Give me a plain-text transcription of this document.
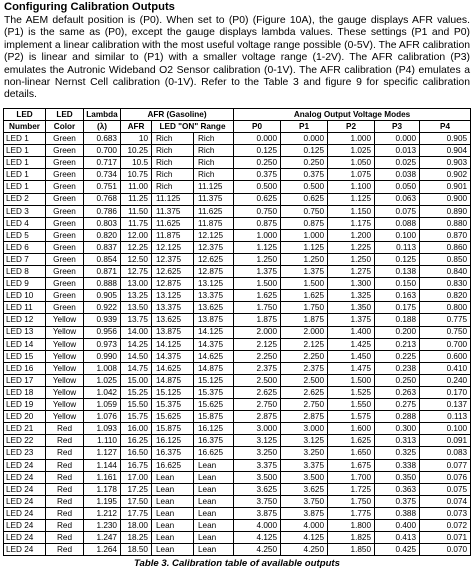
Configuring Calibration Outputs
The AEM default position is (P0). When set to (P0) (Figure 10A), the gauge displays AFR values. (P1) is the same as (P0), except the gauge displays lambda values. These settings (P1 and P0) implement a linear calibration with the most useful voltage range possible (0-5V). The AFR calibration (P2) is linear and similar to (P1) with a smaller voltage range (1-2V). The AFR calibration (P3) emulates the Autronic Wideband O2 Sensor calibration (0-1V). The AFR calibration (P4) emulates a non-linear Nernst Cell calibration (0-1V). Refer to the Table 3 and figure 9 for specific calibration details.
LED	LED	Lambda	AFR (Gasoline)			Analog Output Voltage Modes				
Number	Color	(λ)	AFR	LED "ON" Range		P0	P1	P2	P3	P4
LED 1	Green	0.683	10	Rich	Rich	0.000	0.000	1.000	0.000	0.905
LED 1	Green	0.700	10.25	Rich	Rich	0.125	0.125	1.025	0.013	0.904
LED 1	Green	0.717	10.5	Rich	Rich	0.250	0.250	1.050	0.025	0.903
LED 1	Green	0.734	10.75	Rich	Rich	0.375	0.375	1.075	0.038	0.902
LED 1	Green	0.751	11.00	Rich	11.125	0.500	0.500	1.100	0.050	0.901
LED 2	Green	0.768	11.25	11.125	11.375	0.625	0.625	1.125	0.063	0.900
LED 3	Green	0.786	11.50	11.375	11.625	0.750	0.750	1.150	0.075	0.890
LED 4	Green	0.803	11.75	11.625	11.875	0.875	0.875	1.175	0.088	0.880
LED 5	Green	0.820	12.00	11.875	12.125	1.000	1.000	1.200	0.100	0.870
LED 6	Green	0.837	12.25	12.125	12.375	1.125	1.125	1.225	0.113	0.860
LED 7	Green	0.854	12.50	12.375	12.625	1.250	1.250	1.250	0.125	0.850
LED 8	Green	0.871	12.75	12.625	12.875	1.375	1.375	1.275	0.138	0.840
LED 9	Green	0.888	13.00	12.875	13.125	1.500	1.500	1.300	0.150	0.830
LED 10	Green	0.905	13.25	13.125	13.375	1.625	1.625	1.325	0.163	0.820
LED 11	Green	0.922	13.50	13.375	13.625	1.750	1.750	1.350	0.175	0.800
LED 12	Yellow	0.939	13.75	13.625	13.875	1.875	1.875	1.375	0.188	0.775
LED 13	Yellow	0.956	14.00	13.875	14.125	2.000	2.000	1.400	0.200	0.750
LED 14	Yellow	0.973	14.25	14.125	14.375	2.125	2.125	1.425	0.213	0.700
LED 15	Yellow	0.990	14.50	14.375	14.625	2.250	2.250	1.450	0.225	0.600
LED 16	Yellow	1.008	14.75	14.625	14.875	2.375	2.375	1.475	0.238	0.410
LED 17	Yellow	1.025	15.00	14.875	15.125	2.500	2.500	1.500	0.250	0.240
LED 18	Yellow	1.042	15.25	15.125	15.375	2.625	2.625	1.525	0.263	0.170
LED 19	Yellow	1.059	15.50	15.375	15.625	2.750	2.750	1.550	0.275	0.137
LED 20	Yellow	1.076	15.75	15.625	15.875	2.875	2.875	1.575	0.288	0.113
LED 21	Red	1.093	16.00	15.875	16.125	3.000	3.000	1.600	0.300	0.100
LED 22	Red	1.110	16.25	16.125	16.375	3.125	3.125	1.625	0.313	0.091
LED 23	Red	1.127	16.50	16.375	16.625	3.250	3.250	1.650	0.325	0.083
LED 24	Red	1.144	16.75	16.625	Lean	3.375	3.375	1.675	0.338	0.077
LED 24	Red	1.161	17.00	Lean	Lean	3.500	3.500	1.700	0.350	0.076
LED 24	Red	1.178	17.25	Lean	Lean	3.625	3.625	1.725	0.363	0.075
LED 24	Red	1.195	17.50	Lean	Lean	3.750	3.750	1.750	0.375	0.074
LED 24	Red	1.212	17.75	Lean	Lean	3.875	3.875	1.775	0.388	0.073
LED 24	Red	1.230	18.00	Lean	Lean	4.000	4.000	1.800	0.400	0.072
LED 24	Red	1.247	18.25	Lean	Lean	4.125	4.125	1.825	0.413	0.071
LED 24	Red	1.264	18.50	Lean	Lean	4.250	4.250	1.850	0.425	0.070
Table 3. Calibration table of available outputs
